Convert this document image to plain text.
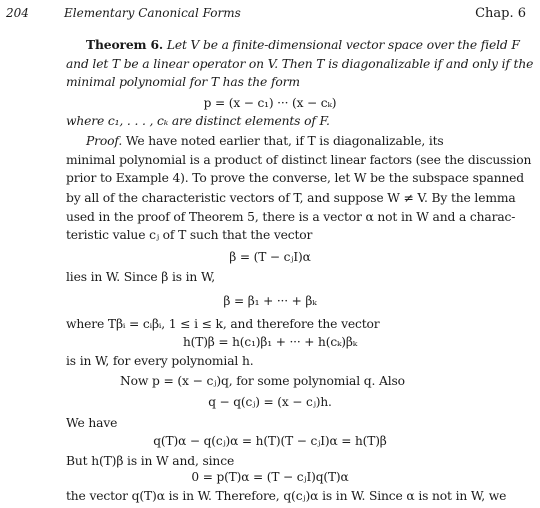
204	Elementary Canonical Forms	Chap. 6
Theorem 6. Let V be a finite-dimensional vector space over the field F
and let T be a linear operator on V. Then T is diagonalizable if and only if the
minimal polynomial for T has the form
p = (x − c₁) ··· (x − cₖ)
where c₁, . . . , cₖ are distinct elements of F.
Proof. We have noted earlier that, if T is diagonalizable, its
minimal polynomial is a product of distinct linear factors (see the discussion
prior to Example 4). To prove the converse, let W be the subspace spanned
by all of the characteristic vectors of T, and suppose W ≠ V. By the lemma
used in the proof of Theorem 5, there is a vector α not in W and a charac-
teristic value cⱼ of T such that the vector
β = (T − cⱼI)α
lies in W. Since β is in W,
β = β₁ + ··· + βₖ
where Tβᵢ = cᵢβᵢ, 1 ≤ i ≤ k, and therefore the vector
h(T)β = h(c₁)β₁ + ··· + h(cₖ)βₖ
is in W, for every polynomial h.
Now p = (x − cⱼ)q, for some polynomial q. Also
q − q(cⱼ) = (x − cⱼ)h.
We have
q(T)α − q(cⱼ)α = h(T)(T − cⱼI)α = h(T)β
But h(T)β is in W and, since
0 = p(T)α = (T − cⱼI)q(T)α
the vector q(T)α is in W. Therefore, q(cⱼ)α is in W. Since α is not in W, we
